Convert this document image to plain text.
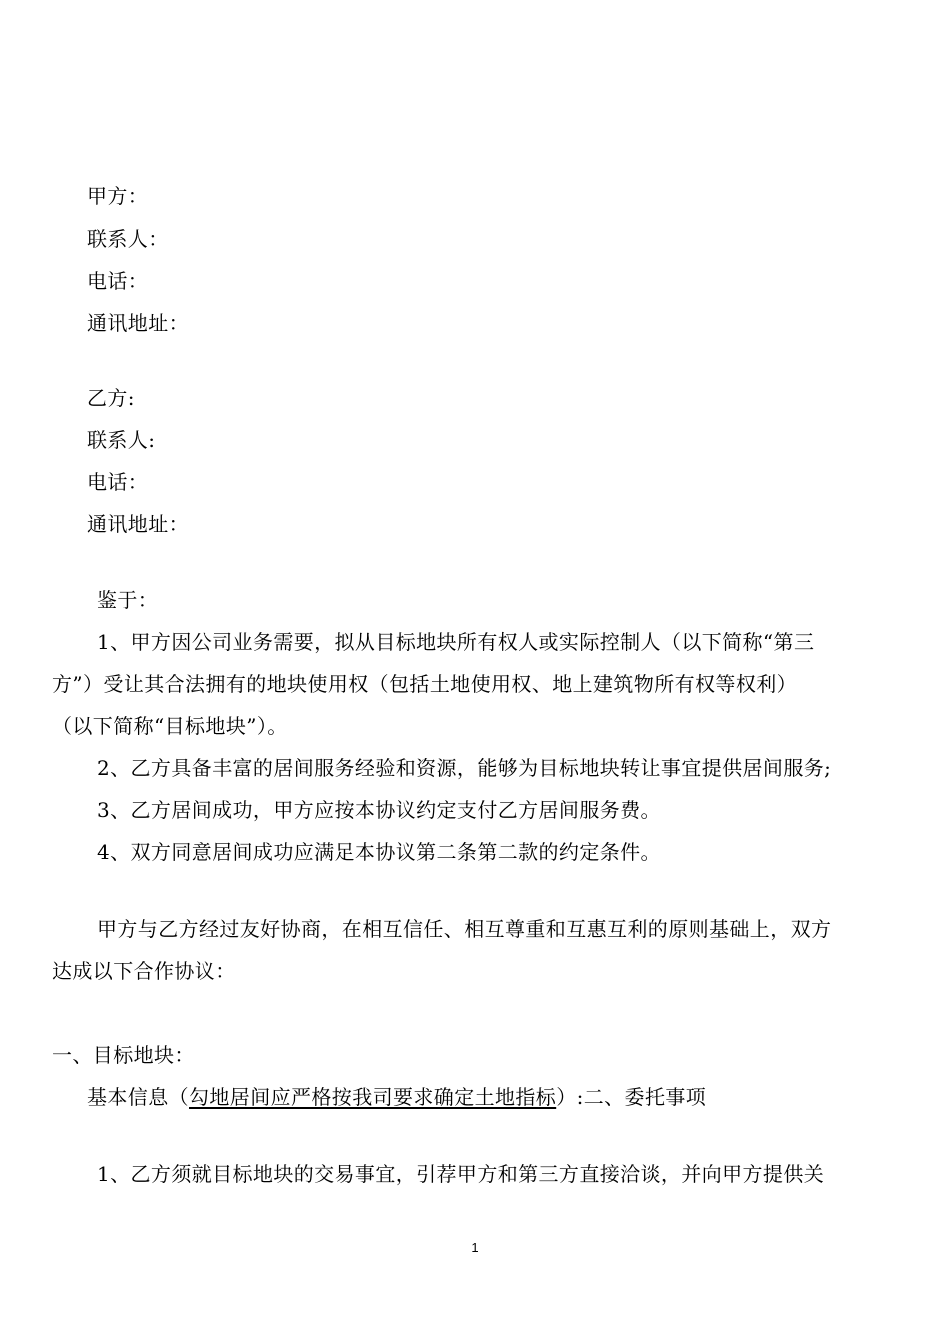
甲方：
联系人：
电话：
通讯地址：
乙方:
联系人:
电话：
通讯地址：
鉴于：
1、甲方因公司业务需要，拟从目标地块所有权人或实际控制人（以下简称“第三
方”）受让其合法拥有的地块使用权（包括土地使用权、地上建筑物所有权等权利）
（以下简称“目标地块”）。
2、乙方具备丰富的居间服务经验和资源，能够为目标地块转让事宜提供居间服务;
3、乙方居间成功，甲方应按本协议约定支付乙方居间服务费。
4、双方同意居间成功应满足本协议第二条第二款的约定条件。
甲方与乙方经过友好协商，在相互信任、相互尊重和互惠互利的原则基础上，双方
达成以下合作协议：
一、目标地块：
基本信息（勾地居间应严格按我司要求确定土地指标）:二、委托事项
1、乙方须就目标地块的交易事宜，引荐甲方和第三方直接洽谈，并向甲方提供关
1
